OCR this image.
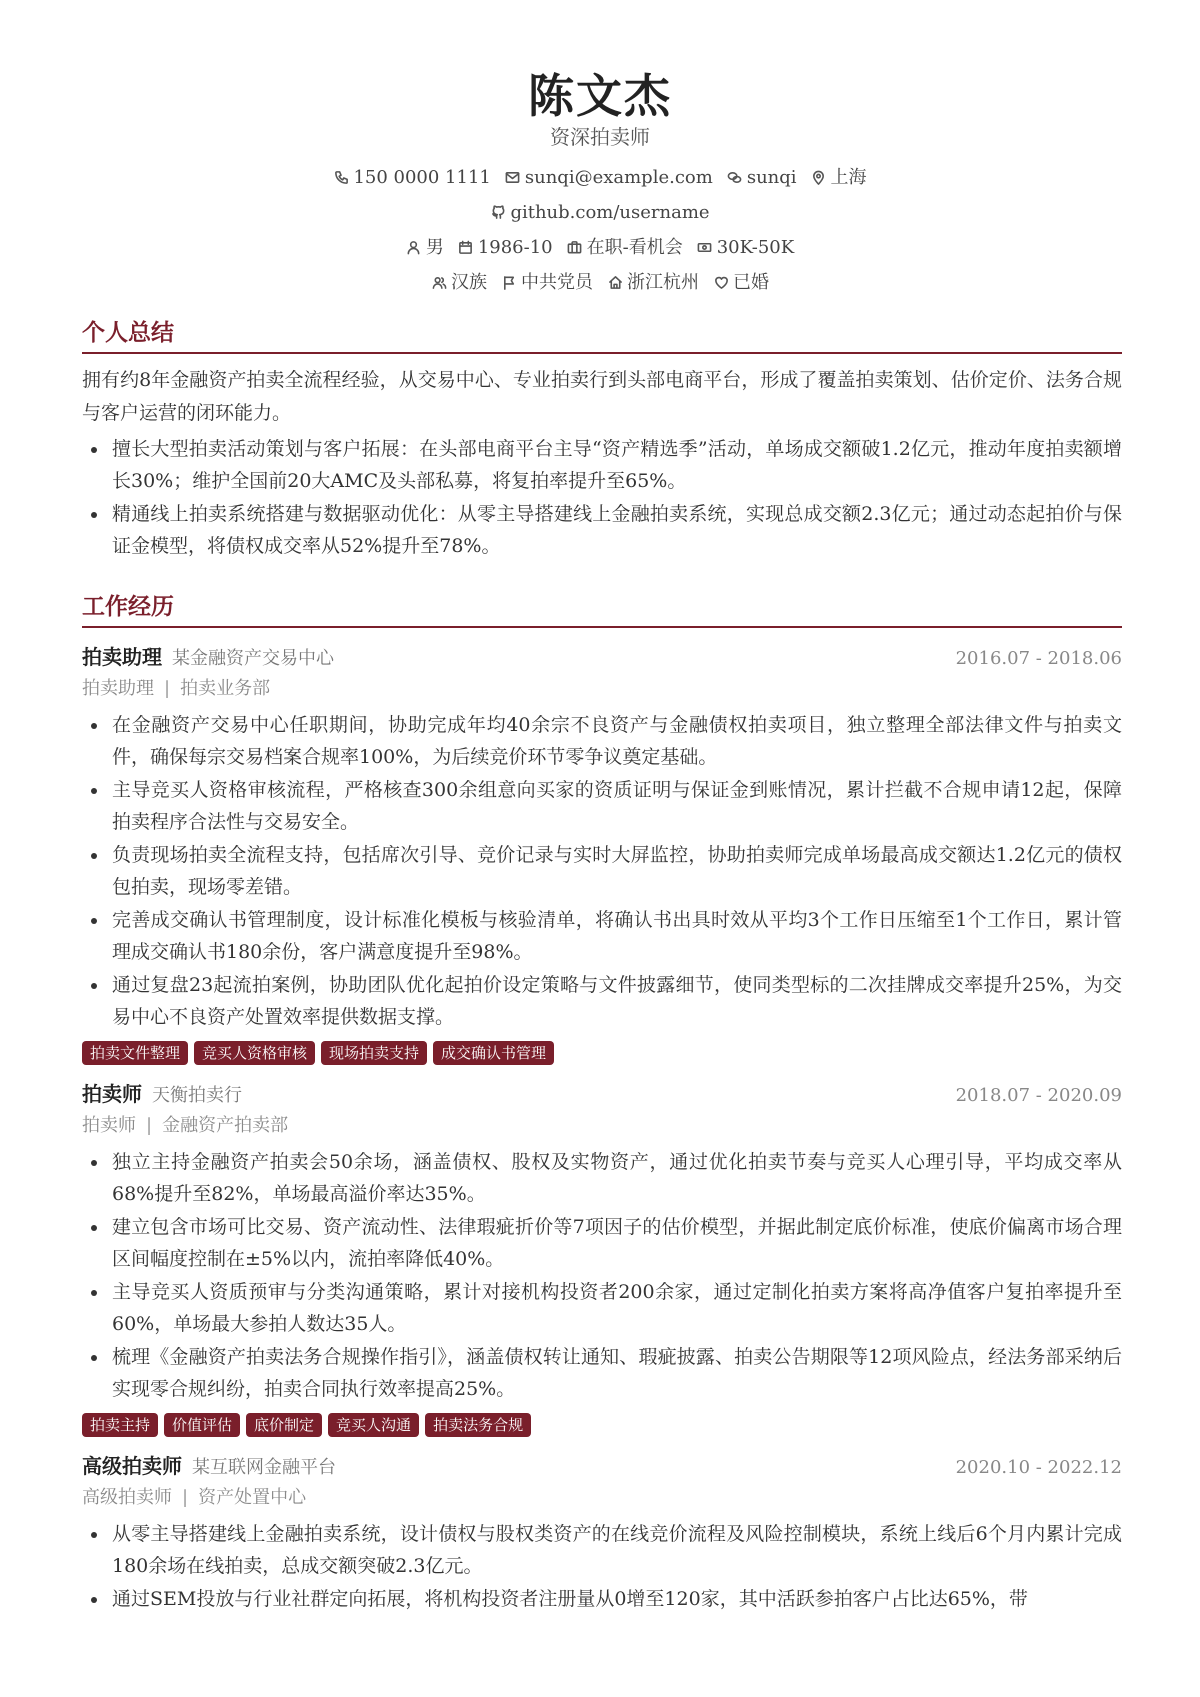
陈文杰
资深拍卖师
150 0000 1111 sunqi@example.com sunqi 上海
github.com/username
男 1986-10 在职-看机会 30K-50K
汉族 中共党员 浙江杭州 已婚
个人总结
拥有约8年金融资产拍卖全流程经验，从交易中心、专业拍卖行到头部电商平台，形成了覆盖拍卖策划、估价定价、法务合规与客户运营的闭环能力。
擅长大型拍卖活动策划与客户拓展：在头部电商平台主导“资产精选季”活动，单场成交额破1.2亿元，推动年度拍卖额增长30%；维护全国前20大AMC及头部私募，将复拍率提升至65%。
精通线上拍卖系统搭建与数据驱动优化：从零主导搭建线上金融拍卖系统，实现总成交额2.3亿元；通过动态起拍价与保证金模型，将债权成交率从52%提升至78%。
工作经历
拍卖助理 某金融资产交易中心	2016.07 - 2018.06
拍卖助理 | 拍卖业务部
在金融资产交易中心任职期间，协助完成年均40余宗不良资产与金融债权拍卖项目，独立整理全部法律文件与拍卖文件，确保每宗交易档案合规率100%，为后续竞价环节零争议奠定基础。
主导竞买人资格审核流程，严格核查300余组意向买家的资质证明与保证金到账情况，累计拦截不合规申请12起，保障拍卖程序合法性与交易安全。
负责现场拍卖全流程支持，包括席次引导、竞价记录与实时大屏监控，协助拍卖师完成单场最高成交额达1.2亿元的债权包拍卖，现场零差错。
完善成交确认书管理制度，设计标准化模板与核验清单，将确认书出具时效从平均3个工作日压缩至1个工作日，累计管理成交确认书180余份，客户满意度提升至98%。
通过复盘23起流拍案例，协助团队优化起拍价设定策略与文件披露细节，使同类型标的二次挂牌成交率提升25%，为交易中心不良资产处置效率提供数据支撑。
拍卖文件整理	竞买人资格审核	现场拍卖支持	成交确认书管理
拍卖师 天衡拍卖行	2018.07 - 2020.09
拍卖师 | 金融资产拍卖部
独立主持金融资产拍卖会50余场，涵盖债权、股权及实物资产，通过优化拍卖节奏与竞买人心理引导，平均成交率从68%提升至82%，单场最高溢价率达35%。
建立包含市场可比交易、资产流动性、法律瑕疵折价等7项因子的估价模型，并据此制定底价标准，使底价偏离市场合理区间幅度控制在±5%以内，流拍率降低40%。
主导竞买人资质预审与分类沟通策略，累计对接机构投资者200余家，通过定制化拍卖方案将高净值客户复拍率提升至60%，单场最大参拍人数达35人。
梳理《金融资产拍卖法务合规操作指引》，涵盖债权转让通知、瑕疵披露、拍卖公告期限等12项风险点，经法务部采纳后实现零合规纠纷，拍卖合同执行效率提高25%。
拍卖主持	价值评估	底价制定	竞买人沟通	拍卖法务合规
高级拍卖师 某互联网金融平台	2020.10 - 2022.12
高级拍卖师 | 资产处置中心
从零主导搭建线上金融拍卖系统，设计债权与股权类资产的在线竞价流程及风险控制模块，系统上线后6个月内累计完成180余场在线拍卖，总成交额突破2.3亿元。
通过SEM投放与行业社群定向拓展，将机构投资者注册量从0增至120家，其中活跃参拍客户占比达65%，带
